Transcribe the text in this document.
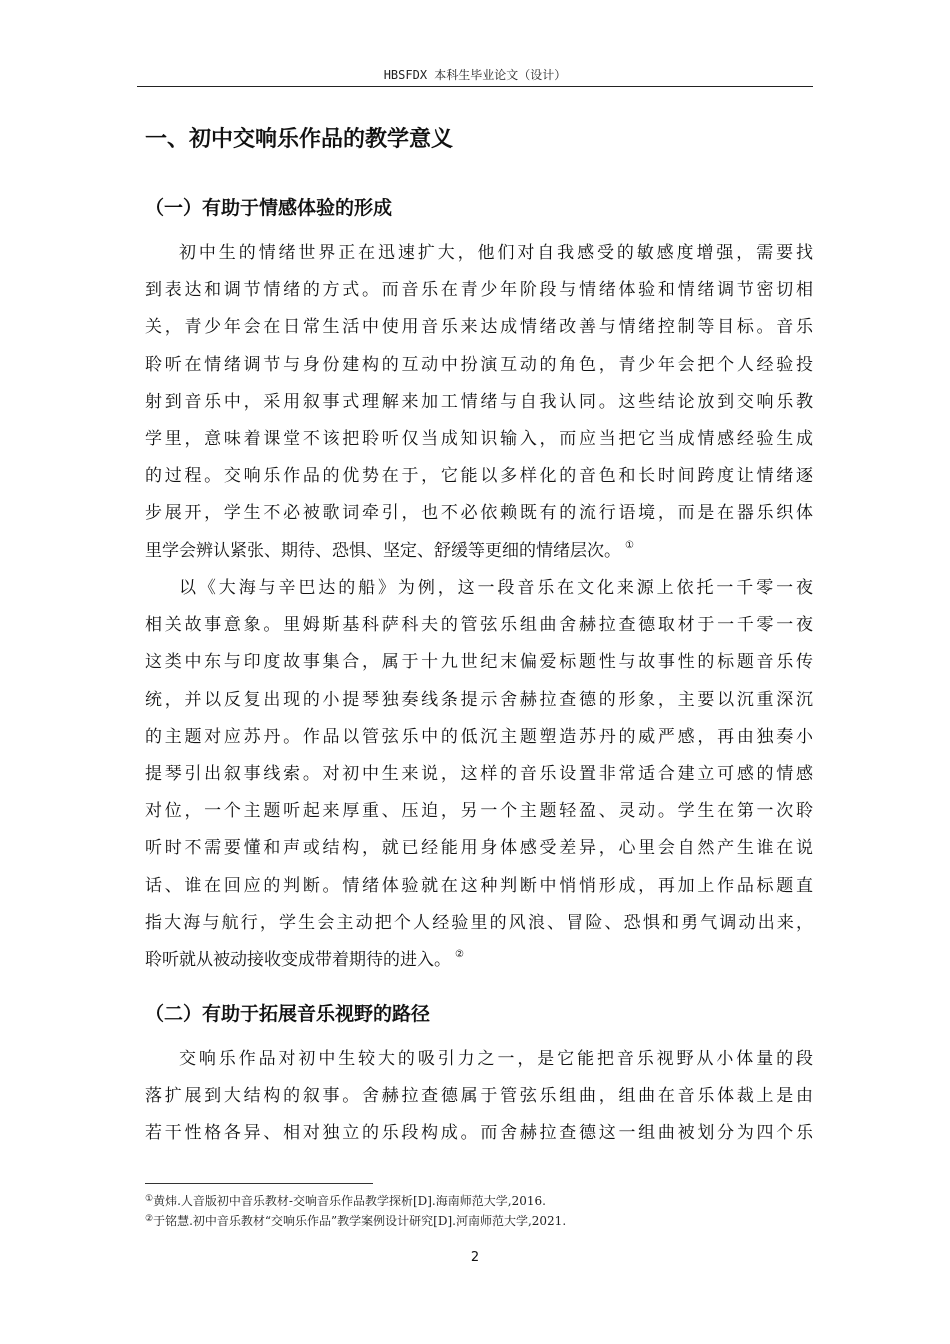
HBSFDX 本科生毕业论文（设计）
一、初中交响乐作品的教学意义
（一）有助于情感体验的形成
初中生的情绪世界正在迅速扩大，他们对自我感受的敏感度增强，需要找
到表达和调节情绪的方式。而音乐在青少年阶段与情绪体验和情绪调节密切相
关，青少年会在日常生活中使用音乐来达成情绪改善与情绪控制等目标。音乐
聆听在情绪调节与身份建构的互动中扮演互动的角色，青少年会把个人经验投
射到音乐中，采用叙事式理解来加工情绪与自我认同。这些结论放到交响乐教
学里，意味着课堂不该把聆听仅当成知识输入，而应当把它当成情感经验生成
的过程。交响乐作品的优势在于，它能以多样化的音色和长时间跨度让情绪逐
步展开，学生不必被歌词牵引，也不必依赖既有的流行语境，而是在器乐织体
里学会辨认紧张、期待、恐惧、坚定、舒缓等更细的情绪层次。 ①
以《大海与辛巴达的船》为例，这一段音乐在文化来源上依托一千零一夜
相关故事意象。里姆斯基科萨科夫的管弦乐组曲舍赫拉查德取材于一千零一夜
这类中东与印度故事集合，属于十九世纪末偏爱标题性与故事性的标题音乐传
统，并以反复出现的小提琴独奏线条提示舍赫拉查德的形象，主要以沉重深沉
的主题对应苏丹。作品以管弦乐中的低沉主题塑造苏丹的威严感，再由独奏小
提琴引出叙事线索。对初中生来说，这样的音乐设置非常适合建立可感的情感
对位，一个主题听起来厚重、压迫，另一个主题轻盈、灵动。学生在第一次聆
听时不需要懂和声或结构，就已经能用身体感受差异，心里会自然产生谁在说
话、谁在回应的判断。情绪体验就在这种判断中悄悄形成，再加上作品标题直
指大海与航行，学生会主动把个人经验里的风浪、冒险、恐惧和勇气调动出来，
聆听就从被动接收变成带着期待的进入。 ②
（二）有助于拓展音乐视野的路径
交响乐作品对初中生较大的吸引力之一，是它能把音乐视野从小体量的段
落扩展到大结构的叙事。舍赫拉查德属于管弦乐组曲，组曲在音乐体裁上是由
若干性格各异、相对独立的乐段构成。而舍赫拉查德这一组曲被划分为四个乐
①黄炜.人音版初中音乐教材-交响音乐作品教学探析[D].海南师范大学,2016.
②于铭慧.初中音乐教材“交响乐作品”教学案例设计研究[D].河南师范大学,2021.
2
